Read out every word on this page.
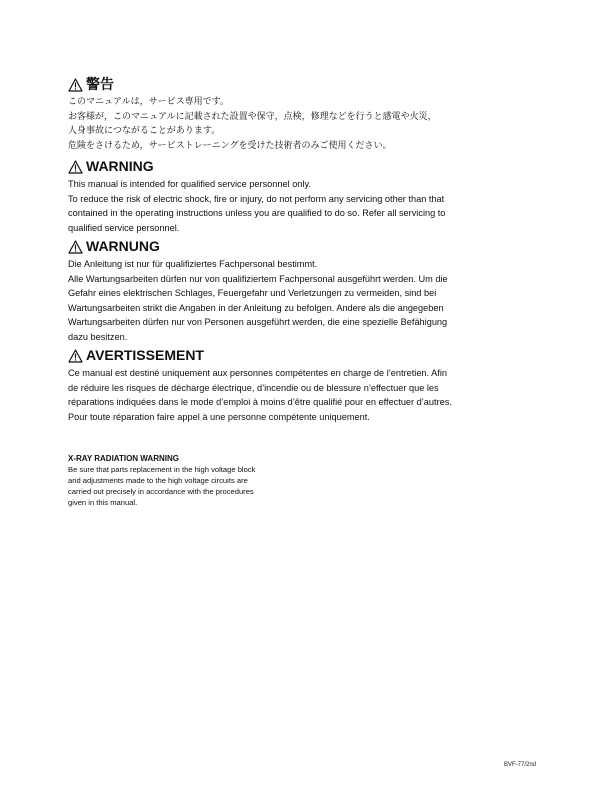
警告

このマニュアルは，サービス専用です。
お客様が，このマニュアルに記載された設置や保守，点検，修理などを行うと感電や火災，
人身事故につながることがあります。
危険をさけるため，サービストレーニングを受けた技術者のみご使用ください。

WARNING

This manual is intended for qualified service personnel only.
To reduce the risk of electric shock, fire or injury, do not perform any servicing other than that
contained in the operating instructions unless you are qualified to do so. Refer all servicing to
qualified service personnel.

WARNUNG

Die Anleitung ist nur für qualifiziertes Fachpersonal bestimmt.
Alle Wartungsarbeiten dürfen nur von qualifiziertem Fachpersonal ausgeführt werden. Um die
Gefahr eines elektrischen Schlages, Feuergefahr und Verletzungen zu vermeiden, sind bei
Wartungsarbeiten strikt die Angaben in der Anleitung zu befolgen. Andere als die angegeben
Wartungsarbeiten dürfen nur von Personen ausgeführt werden, die eine spezielle Befähigung
dazu besitzen.

AVERTISSEMENT

Ce manual est destiné uniquement aux personnes compétentes en charge de l’entretien. Afin
de réduire les risques de décharge électrique, d’incendie ou de blessure n’effectuer que les
réparations indiquées dans le mode d’emploi à moins d’être qualifié pour en effectuer d’autres.
Pour toute réparation faire appel à une personne compétente uniquement.

X-RAY RADIATION WARNING

Be sure that parts replacement in the high voltage block
and adjustments made to the high voltage circuits are
carried out precisely in accordance with the procedures
given in this manual.

BVF-77/2nd
